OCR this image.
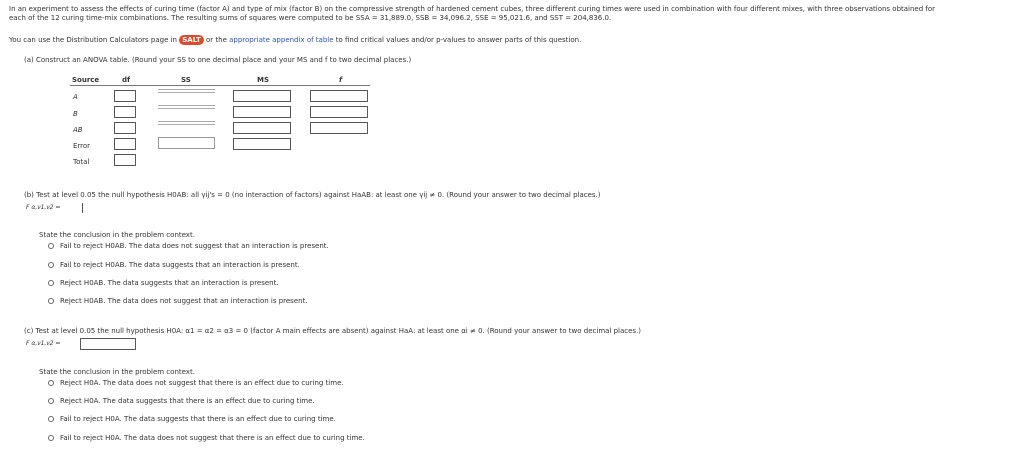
In an experiment to assess the effects of curing time (factor A) and type of mix (factor B) on the compressive strength of hardened cement cubes, three different curing times were used in combination with four different mixes, with three observations obtained for
each of the 12 curing time-mix combinations. The resulting sums of squares were computed to be SSA = 31,889.0, SSB = 34,096.2, SSE = 95,021.6, and SST = 204,836.0.
You can use the Distribution Calculators page in SALT or the appropriate appendix of table to find critical values and/or p-values to answer parts of this question.
(a) Construct an ANOVA table. (Round your SS to one decimal place and your MS and f to two decimal places.)
Source	df	SS	MS	f
A
B
AB
Error
Total
(b) Test at level 0.05 the null hypothesis H0AB: all γij's = 0 (no interaction of factors) against HaAB: at least one γij ≠ 0. (Round your answer to two decimal places.)
F α,ν1,ν2 =
State the conclusion in the problem context.
Fail to reject H0AB. The data does not suggest that an interaction is present.
Fail to reject H0AB. The data suggests that an interaction is present.
Reject H0AB. The data suggests that an interaction is present.
Reject H0AB. The data does not suggest that an interaction is present.
(c) Test at level 0.05 the null hypothesis H0A: α1 = α2 = α3 = 0 (factor A main effects are absent) against HaA: at least one αi ≠ 0. (Round your answer to two decimal places.)
F α,ν1,ν2 =
State the conclusion in the problem context.
Reject H0A. The data does not suggest that there is an effect due to curing time.
Reject H0A. The data suggests that there is an effect due to curing time.
Fail to reject H0A. The data suggests that there is an effect due to curing time.
Fail to reject H0A. The data does not suggest that there is an effect due to curing time.
